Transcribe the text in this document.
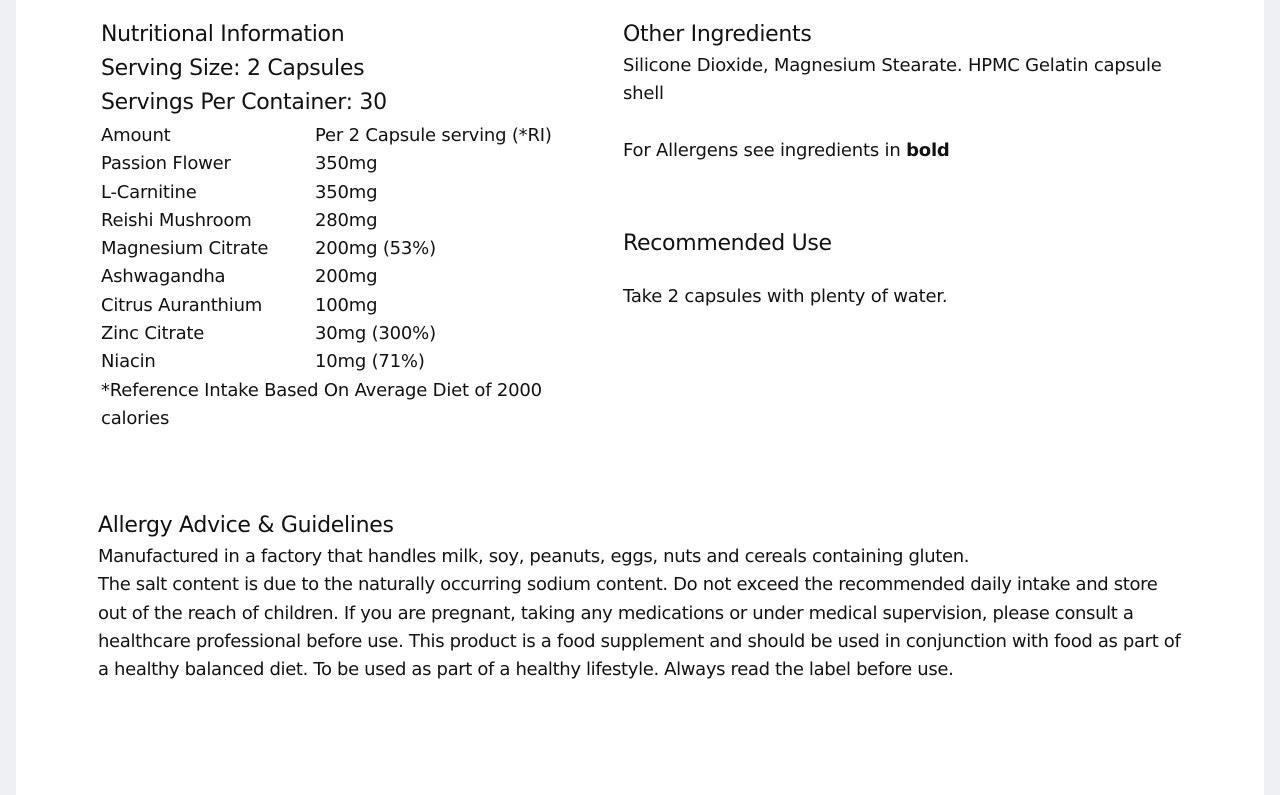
Nutritional Information
Serving Size: 2 Capsules
Servings Per Container: 30
Amount	Per 2 Capsule serving (*RI)
Passion Flower	350mg
L-Carnitine	350mg
Reishi Mushroom	280mg
Magnesium Citrate	200mg (53%)
Ashwagandha	200mg
Citrus Auranthium	100mg
Zinc Citrate	30mg (300%)
Niacin	10mg (71%)
*Reference Intake Based On Average Diet of 2000 calories
Other Ingredients

Silicone Dioxide, Magnesium Stearate. HPMC Gelatin capsule shell

For Allergens see ingredients in bold

Recommended Use

Take 2 capsules with plenty of water.

Allergy Advice & Guidelines

Manufactured in a factory that handles milk, soy, peanuts, eggs, nuts and cereals containing gluten.

The salt content is due to the naturally occurring sodium content. Do not exceed the recommended daily intake and store out of the reach of children. If you are pregnant, taking any medications or under medical supervision, please consult a healthcare professional before use. This product is a food supplement and should be used in conjunction with food as part of a healthy balanced diet. To be used as part of a healthy lifestyle. Always read the label before use.
